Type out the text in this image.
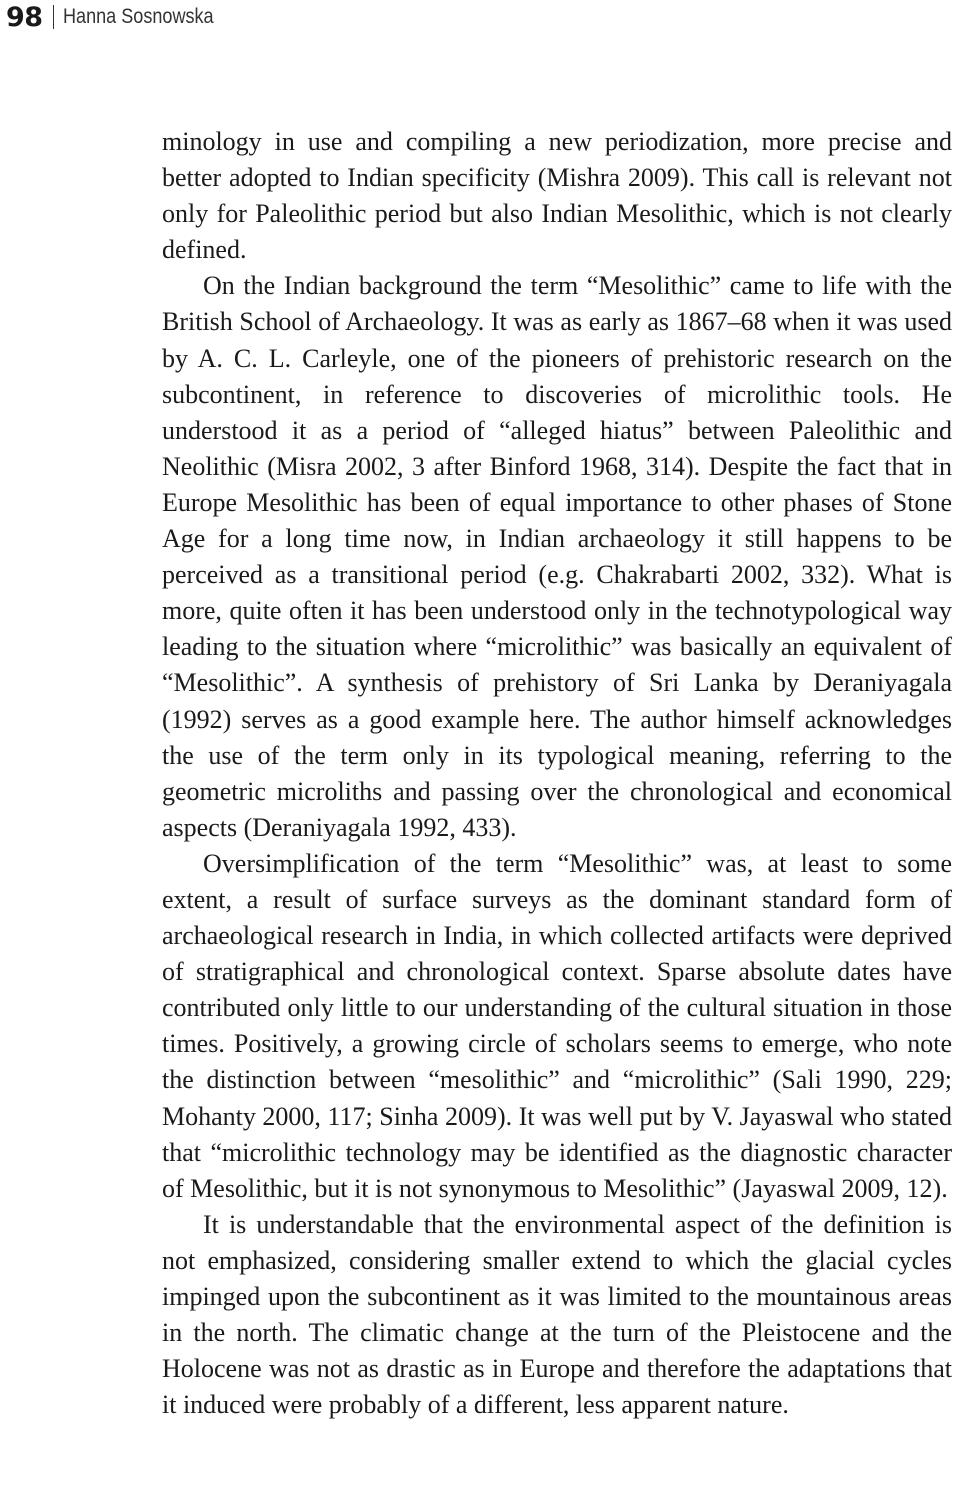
98 Hanna Sosnowska

minology in use and compiling a new periodization, more precise and better adopted to Indian specificity (Mishra 2009). This call is relevant not only for Paleolithic period but also Indian Mesolithic, which is not clearly defined.

On the Indian background the term “Mesolithic” came to life with the British School of Archaeology. It was as early as 1867–68 when it was used by A. C. L. Carleyle, one of the pioneers of prehistoric research on the subcontinent, in reference to discoveries of microlithic tools. He understood it as a period of “alleged hiatus” between Paleolithic and Neolithic (Misra 2002, 3 after Binford 1968, 314). Despite the fact that in Europe Mesolithic has been of equal importance to other phases of Stone Age for a long time now, in Indian archaeology it still happens to be perceived as a transitional period (e.g. Chakrabarti 2002, 332). What is more, quite often it has been understood only in the technotypological way leading to the situation where “microlithic” was basically an equivalent of “Mesolithic”. A synthesis of prehistory of Sri Lanka by Deraniyagala (1992) serves as a good example here. The author himself acknowledges the use of the term only in its typological meaning, referring to the geometric microliths and passing over the chronological and economical aspects (Deraniyagala 1992, 433).

Oversimplification of the term “Mesolithic” was, at least to some extent, a result of surface surveys as the dominant standard form of archaeological research in India, in which collected artifacts were deprived of stratigraphical and chronological context. Sparse absolute dates have contributed only little to our understanding of the cultural situation in those times. Positively, a growing circle of scholars seems to emerge, who note the distinction between “mesolithic” and “microlithic” (Sali 1990, 229; Mohanty 2000, 117; Sinha 2009). It was well put by V. Jayaswal who stated that “microlithic technology may be identified as the diagnostic character of Mesolithic, but it is not synonymous to Mesolithic” (Jayaswal 2009, 12).

It is understandable that the environmental aspect of the definition is not emphasized, considering smaller extend to which the glacial cycles impinged upon the subcontinent as it was limited to the mountainous areas in the north. The climatic change at the turn of the Pleistocene and the Holocene was not as drastic as in Europe and therefore the adaptations that it induced were probably of a different, less apparent nature.
